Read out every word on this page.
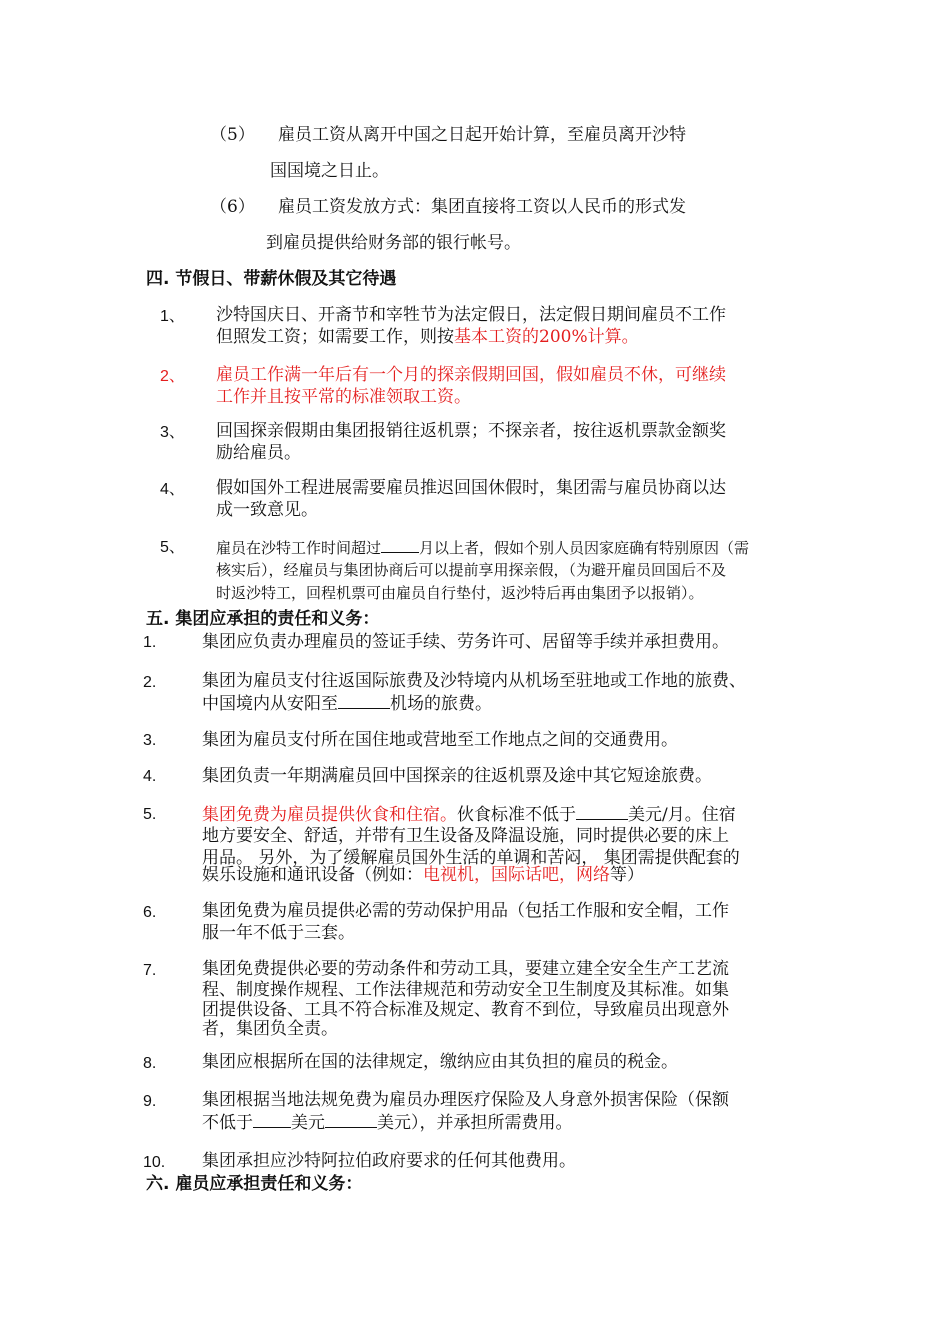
（5） 雇员工资从离开中国之日起开始计算，至雇员离开沙特
国国境之日止。
（6） 雇员工资发放方式：集团直接将工资以人民币的形式发
到雇员提供给财务部的银行帐号。
四. 节假日、带薪休假及其它待遇
1、 沙特国庆日、开斋节和宰牲节为法定假日，法定假日期间雇员不工作
但照发工资；如需要工作，则按基本工资的200%计算。
2、 雇员工作满一年后有一个月的探亲假期回国，假如雇员不休，可继续
工作并且按平常的标准领取工资。
3、 回国探亲假期由集团报销往返机票；不探亲者，按往返机票款金额奖
励给雇员。
4、 假如国外工程进展需要雇员推迟回国休假时，集团需与雇员协商以达
成一致意见。
5、 雇员在沙特工作时间超过	月以上者，假如个别人员因家庭确有特别原因（需
核实后），经雇员与集团协商后可以提前享用探亲假，（为避开雇员回国后不及
时返沙特工，回程机票可由雇员自行垫付，返沙特后再由集团予以报销）。
五. 集团应承担的责任和义务：
1.	集团应负责办理雇员的签证手续、劳务许可、居留等手续并承担费用。
2.	集团为雇员支付往返国际旅费及沙特境内从机场至驻地或工作地的旅费、
中国境内从安阳至	机场的旅费。
3.	集团为雇员支付所在国住地或营地至工作地点之间的交通费用。
4.	集团负责一年期满雇员回中国探亲的往返机票及途中其它短途旅费。
5.	集团免费为雇员提供伙食和住宿。伙食标准不低于	美元/月。住宿
地方要安全、舒适，并带有卫生设备及降温设施，同时提供必要的床上
用品。 另外，为了缓解雇员国外生活的单调和苦闷， 集团需提供配套的
娱乐设施和通讯设备（例如：电视机，国际话吧，网络等）
6.	集团免费为雇员提供必需的劳动保护用品（包括工作服和安全帽，工作
服一年不低于三套。
7.	集团免费提供必要的劳动条件和劳动工具，要建立建全安全生产工艺流
程、制度操作规程、工作法律规范和劳动安全卫生制度及其标准。如集
团提供设备、工具不符合标准及规定、教育不到位，导致雇员出现意外
者，集团负全责。
8.	集团应根据所在国的法律规定，缴纳应由其负担的雇员的税金。
9.	集团根据当地法规免费为雇员办理医疗保险及人身意外损害保险（保额
不低于 美元	美元），并承担所需费用。
10. 集团承担应沙特阿拉伯政府要求的任何其他费用。
六. 雇员应承担责任和义务：
